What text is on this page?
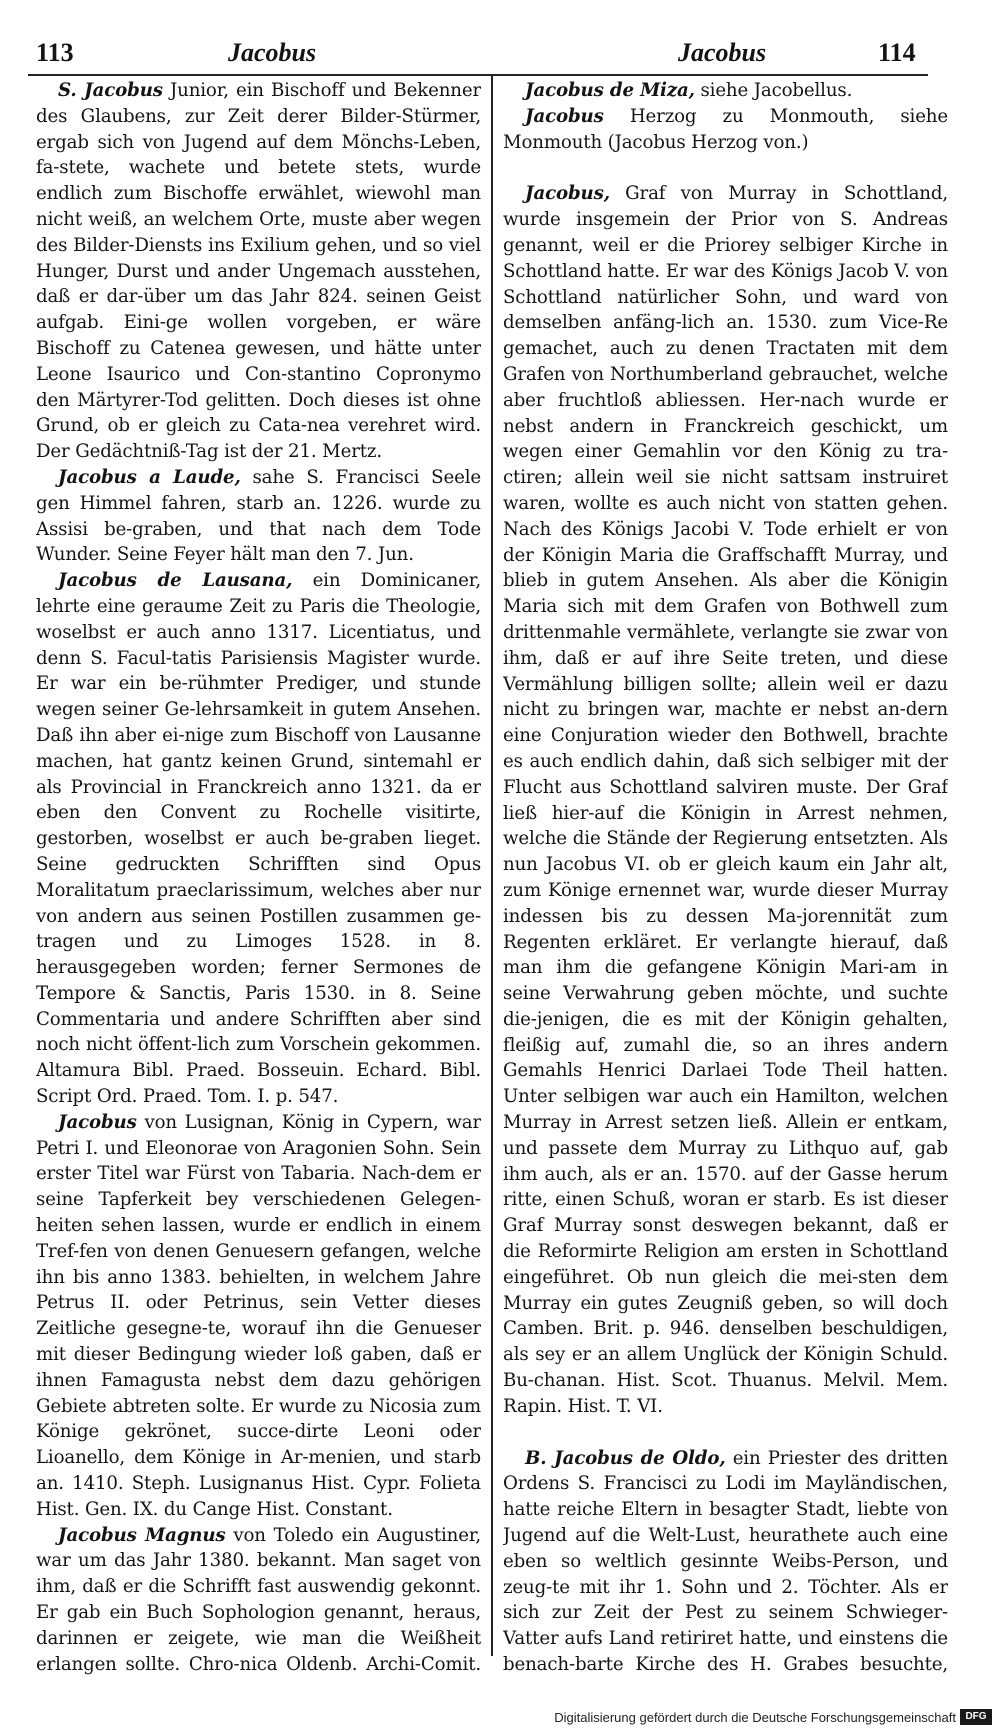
113	Jacobus	Jacobus	114

S. Jacobus Junior, ein Bischoff und Bekenner des Glaubens, zur Zeit derer Bilder-Stürmer, ergab sich von Jugend auf dem Mönchs-Leben, fa-stete, wachete und betete stets, wurde endlich zum Bischoffe erwählet, wiewohl man nicht weiß, an welchem Orte, muste aber wegen des Bilder-Diensts ins Exilium gehen, und so viel Hunger, Durst und ander Ungemach ausstehen, daß er dar-über um das Jahr 824. seinen Geist aufgab. Eini-ge wollen vorgeben, er wäre Bischoff zu Catenea gewesen, und hätte unter Leone Isaurico und Con-stantino Copronymo den Märtyrer-Tod gelitten. Doch dieses ist ohne Grund, ob er gleich zu Cata-nea verehret wird. Der Gedächtniß-Tag ist der 21. Mertz.

Jacobus a Laude, sahe S. Francisci Seele gen Himmel fahren, starb an. 1226. wurde zu Assisi be-graben, und that nach dem Tode Wunder. Seine Feyer hält man den 7. Jun.

Jacobus de Lausana, ein Dominicaner, lehrte eine geraume Zeit zu Paris die Theologie, woselbst er auch anno 1317. Licentiatus, und denn S. Facul-tatis Parisiensis Magister wurde. Er war ein be-rühmter Prediger, und stunde wegen seiner Ge-lehrsamkeit in gutem Ansehen. Daß ihn aber ei-nige zum Bischoff von Lausanne machen, hat gantz keinen Grund, sintemahl er als Provincial in Franckreich anno 1321. da er eben den Convent zu Rochelle visitirte, gestorben, woselbst er auch be-graben lieget. Seine gedruckten Schrifften sind Opus Moralitatum praeclarissimum, welches aber nur von andern aus seinen Postillen zusammen ge-tragen und zu Limoges 1528. in 8. herausgegeben worden; ferner Sermones de Tempore & Sanctis, Paris 1530. in 8. Seine Commentaria und andere Schrifften aber sind noch nicht öffent-lich zum Vorschein gekommen. Altamura Bibl. Praed. Bosseuin. Echard. Bibl. Script Ord. Praed. Tom. I. p. 547.

Jacobus von Lusignan, König in Cypern, war Petri I. und Eleonorae von Aragonien Sohn. Sein erster Titel war Fürst von Tabaria. Nach-dem er seine Tapferkeit bey verschiedenen Gelegen-heiten sehen lassen, wurde er endlich in einem Tref-fen von denen Genuesern gefangen, welche ihn bis anno 1383. behielten, in welchem Jahre Petrus II. oder Petrinus, sein Vetter dieses Zeitliche gesegne-te, worauf ihn die Genueser mit dieser Bedingung wieder loß gaben, daß er ihnen Famagusta nebst dem dazu gehörigen Gebiete abtreten solte. Er wurde zu Nicosia zum Könige gekrönet, succe-dirte Leoni oder Lioanello, dem Könige in Ar-menien, und starb an. 1410. Steph. Lusignanus Hist. Cypr. Folieta Hist. Gen. IX. du Cange Hist. Constant.

Jacobus Magnus von Toledo ein Augustiner, war um das Jahr 1380. bekannt. Man saget von ihm, daß er die Schrifft fast auswendig gekonnt. Er gab ein Buch Sophologion genannt, heraus, darinnen er zeigete, wie man die Weißheit erlangen sollte. Chro-nica Oldenb. Archi-Comit.

Jacobus de Miza, siehe Jacobellus.

Jacobus Herzog zu Monmouth, siehe Monmouth (Jacobus Herzog von.)

Jacobus, Graf von Murray in Schottland, wurde insgemein der Prior von S. Andreas genannt, weil er die Priorey selbiger Kirche in Schottland hatte. Er war des Königs Jacob V. von Schottland natürlicher Sohn, und ward von demselben anfäng-lich an. 1530. zum Vice-Re gemachet, auch zu denen Tractaten mit dem Grafen von Northumberland gebrauchet, welche aber fruchtloß abliessen. Her-nach wurde er nebst andern in Franckreich geschickt, um wegen einer Gemahlin vor den König zu tra-ctiren; allein weil sie nicht sattsam instruiret waren, wollte es auch nicht von statten gehen. Nach des Königs Jacobi V. Tode erhielt er von der Königin Maria die Graffschafft Murray, und blieb in gutem Ansehen. Als aber die Königin Maria sich mit dem Grafen von Bothwell zum drittenmahle vermählete, verlangte sie zwar von ihm, daß er auf ihre Seite treten, und diese Vermählung billigen sollte; allein weil er dazu nicht zu bringen war, machte er nebst an-dern eine Conjuration wieder den Bothwell, brachte es auch endlich dahin, daß sich selbiger mit der Flucht aus Schottland salviren muste. Der Graf ließ hier-auf die Königin in Arrest nehmen, welche die Stände der Regierung entsetzten. Als nun Jacobus VI. ob er gleich kaum ein Jahr alt, zum Könige ernennet war, wurde dieser Murray indessen bis zu dessen Ma-jorennität zum Regenten erkläret. Er verlangte hierauf, daß man ihm die gefangene Königin Mari-am in seine Verwahrung geben möchte, und suchte die-jenigen, die es mit der Königin gehalten, fleißig auf, zumahl die, so an ihres andern Gemahls Henrici Darlaei Tode Theil hatten. Unter selbigen war auch ein Hamilton, welchen Murray in Arrest setzen ließ. Allein er entkam, und passete dem Murray zu Lithquo auf, gab ihm auch, als er an. 1570. auf der Gasse herum ritte, einen Schuß, woran er starb. Es ist dieser Graf Murray sonst deswegen bekannt, daß er die Reformirte Religion am ersten in Schottland eingeführet. Ob nun gleich die mei-sten dem Murray ein gutes Zeugniß geben, so will doch Camben. Brit. p. 946. denselben beschuldigen, als sey er an allem Unglück der Königin Schuld. Bu-chanan. Hist. Scot. Thuanus. Melvil. Mem. Rapin. Hist. T. VI.

B. Jacobus de Oldo, ein Priester des dritten Ordens S. Francisci zu Lodi im Mayländischen, hatte reiche Eltern in besagter Stadt, liebte von Jugend auf die Welt-Lust, heurathete auch eine eben so weltlich gesinnte Weibs-Person, und zeug-te mit ihr 1. Sohn und 2. Töchter. Als er sich zur Zeit der Pest zu seinem Schwieger-Vatter aufs Land retiriret hatte, und einstens die benach-barte Kirche des H. Grabes besuchte,

Digitalisierung gefördert durch die Deutsche Forschungsgemeinschaft DFG
